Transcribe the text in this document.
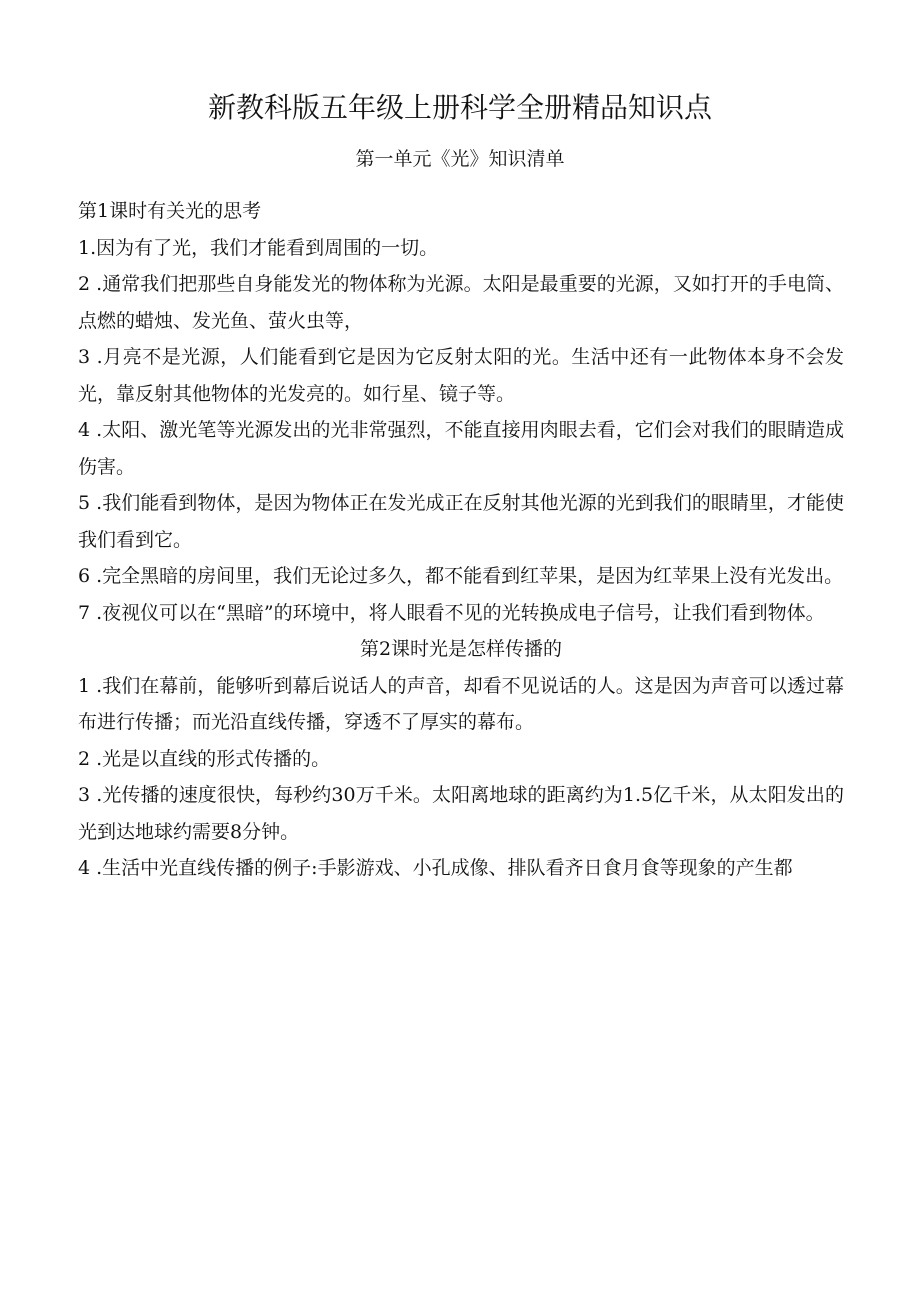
新教科版五年级上册科学全册精品知识点
第一单元《光》知识清单

第1课时有关光的思考

1.因为有了光，我们才能看到周围的一切。

2 .通常我们把那些自身能发光的物体称为光源。太阳是最重要的光源，又如打开的手电筒、点燃的蜡烛、发光鱼、萤火虫等，

3 .月亮不是光源，人们能看到它是因为它反射太阳的光。生活中还有一此物体本身不会发光，靠反射其他物体的光发亮的。如行星、镜子等。

4 .太阳、激光笔等光源发出的光非常强烈，不能直接用肉眼去看，它们会对我们的眼睛造成伤害。

5 .我们能看到物体，是因为物体正在发光成正在反射其他光源的光到我们的眼睛里，才能使我们看到它。

6 .完全黑暗的房间里，我们无论过多久，都不能看到红苹果，是因为红苹果上没有光发出。

7 .夜视仪可以在“黑暗”的环境中，将人眼看不见的光转换成电子信号，让我们看到物体。

第2课时光是怎样传播的

1 .我们在幕前，能够听到幕后说话人的声音，却看不见说话的人。这是因为声音可以透过幕布进行传播；而光沿直线传播，穿透不了厚实的幕布。

2 .光是以直线的形式传播的。

3 .光传播的速度很快，每秒约30万千米。太阳离地球的距离约为1.5亿千米，从太阳发出的光到达地球约需要8分钟。

4 .生活中光直线传播的例子:手影游戏、小孔成像、排队看齐日食月食等现象的产生都
